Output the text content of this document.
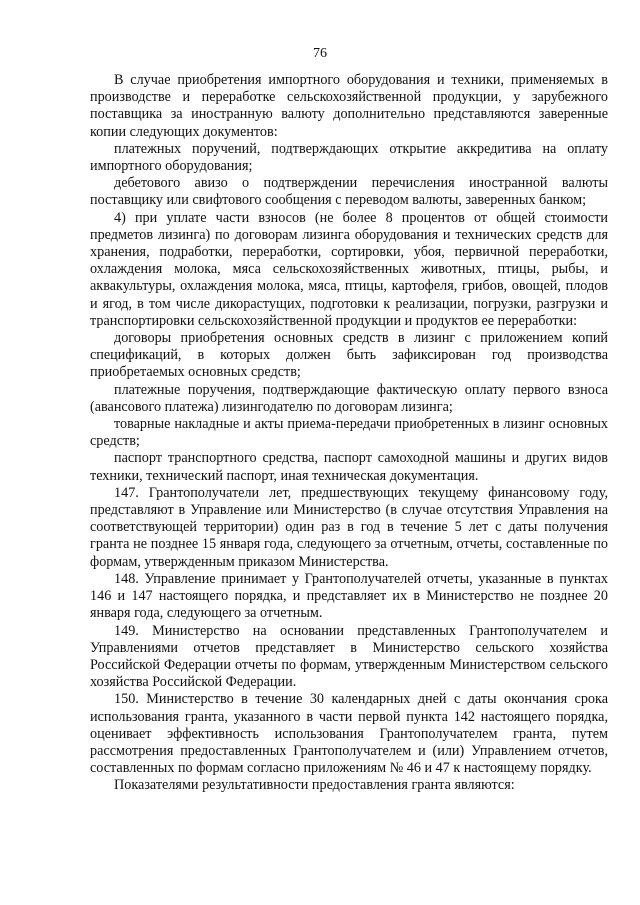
76

В случае приобретения импортного оборудования и техники, применяемых в производстве и переработке сельскохозяйственной продукции, у зарубежного поставщика за иностранную валюту дополнительно представляются заверенные копии следующих документов:

платежных поручений, подтверждающих открытие аккредитива на оплату импортного оборудования;

дебетового авизо о подтверждении перечисления иностранной валюты поставщику или свифтового сообщения с переводом валюты, заверенных банком;

4) при уплате части взносов (не более 8 процентов от общей стоимости предметов лизинга) по договорам лизинга оборудования и технических средств для хранения, подработки, переработки, сортировки, убоя, первичной переработки, охлаждения молока, мяса сельскохозяйственных животных, птицы, рыбы, и аквакультуры, охлаждения молока, мяса, птицы, картофеля, грибов, овощей, плодов и ягод, в том числе дикорастущих, подготовки к реализации, погрузки, разгрузки и транспортировки сельскохозяйственной продукции и продуктов ее переработки:

договоры приобретения основных средств в лизинг с приложением копий спецификаций, в которых должен быть зафиксирован год производства приобретаемых основных средств;

платежные поручения, подтверждающие фактическую оплату первого взноса (авансового платежа) лизингодателю по договорам лизинга;

товарные накладные и акты приема-передачи приобретенных в лизинг основных средств;

паспорт транспортного средства, паспорт самоходной машины и других видов техники, технический паспорт, иная техническая документация.

147. Грантополучатели лет, предшествующих текущему финансовому году, представляют в Управление или Министерство (в случае отсутствия Управления на соответствующей территории) один раз в год в течение 5 лет с даты получения гранта не позднее 15 января года, следующего за отчетным, отчеты, составленные по формам, утвержденным приказом Министерства.

148. Управление принимает у Грантополучателей отчеты, указанные в пунктах 146 и 147 настоящего порядка, и представляет их в Министерство не позднее 20 января года, следующего за отчетным.

149. Министерство на основании представленных Грантополучателем и Управлениями отчетов представляет в Министерство сельского хозяйства Российской Федерации отчеты по формам, утвержденным Министерством сельского хозяйства Российской Федерации.

150. Министерство в течение 30 календарных дней с даты окончания срока использования гранта, указанного в части первой пункта 142 настоящего порядка, оценивает эффективность использования Грантополучателем гранта, путем рассмотрения предоставленных Грантополучателем и (или) Управлением отчетов, составленных по формам согласно приложениям № 46 и 47 к настоящему порядку.

Показателями результативности предоставления гранта являются:
